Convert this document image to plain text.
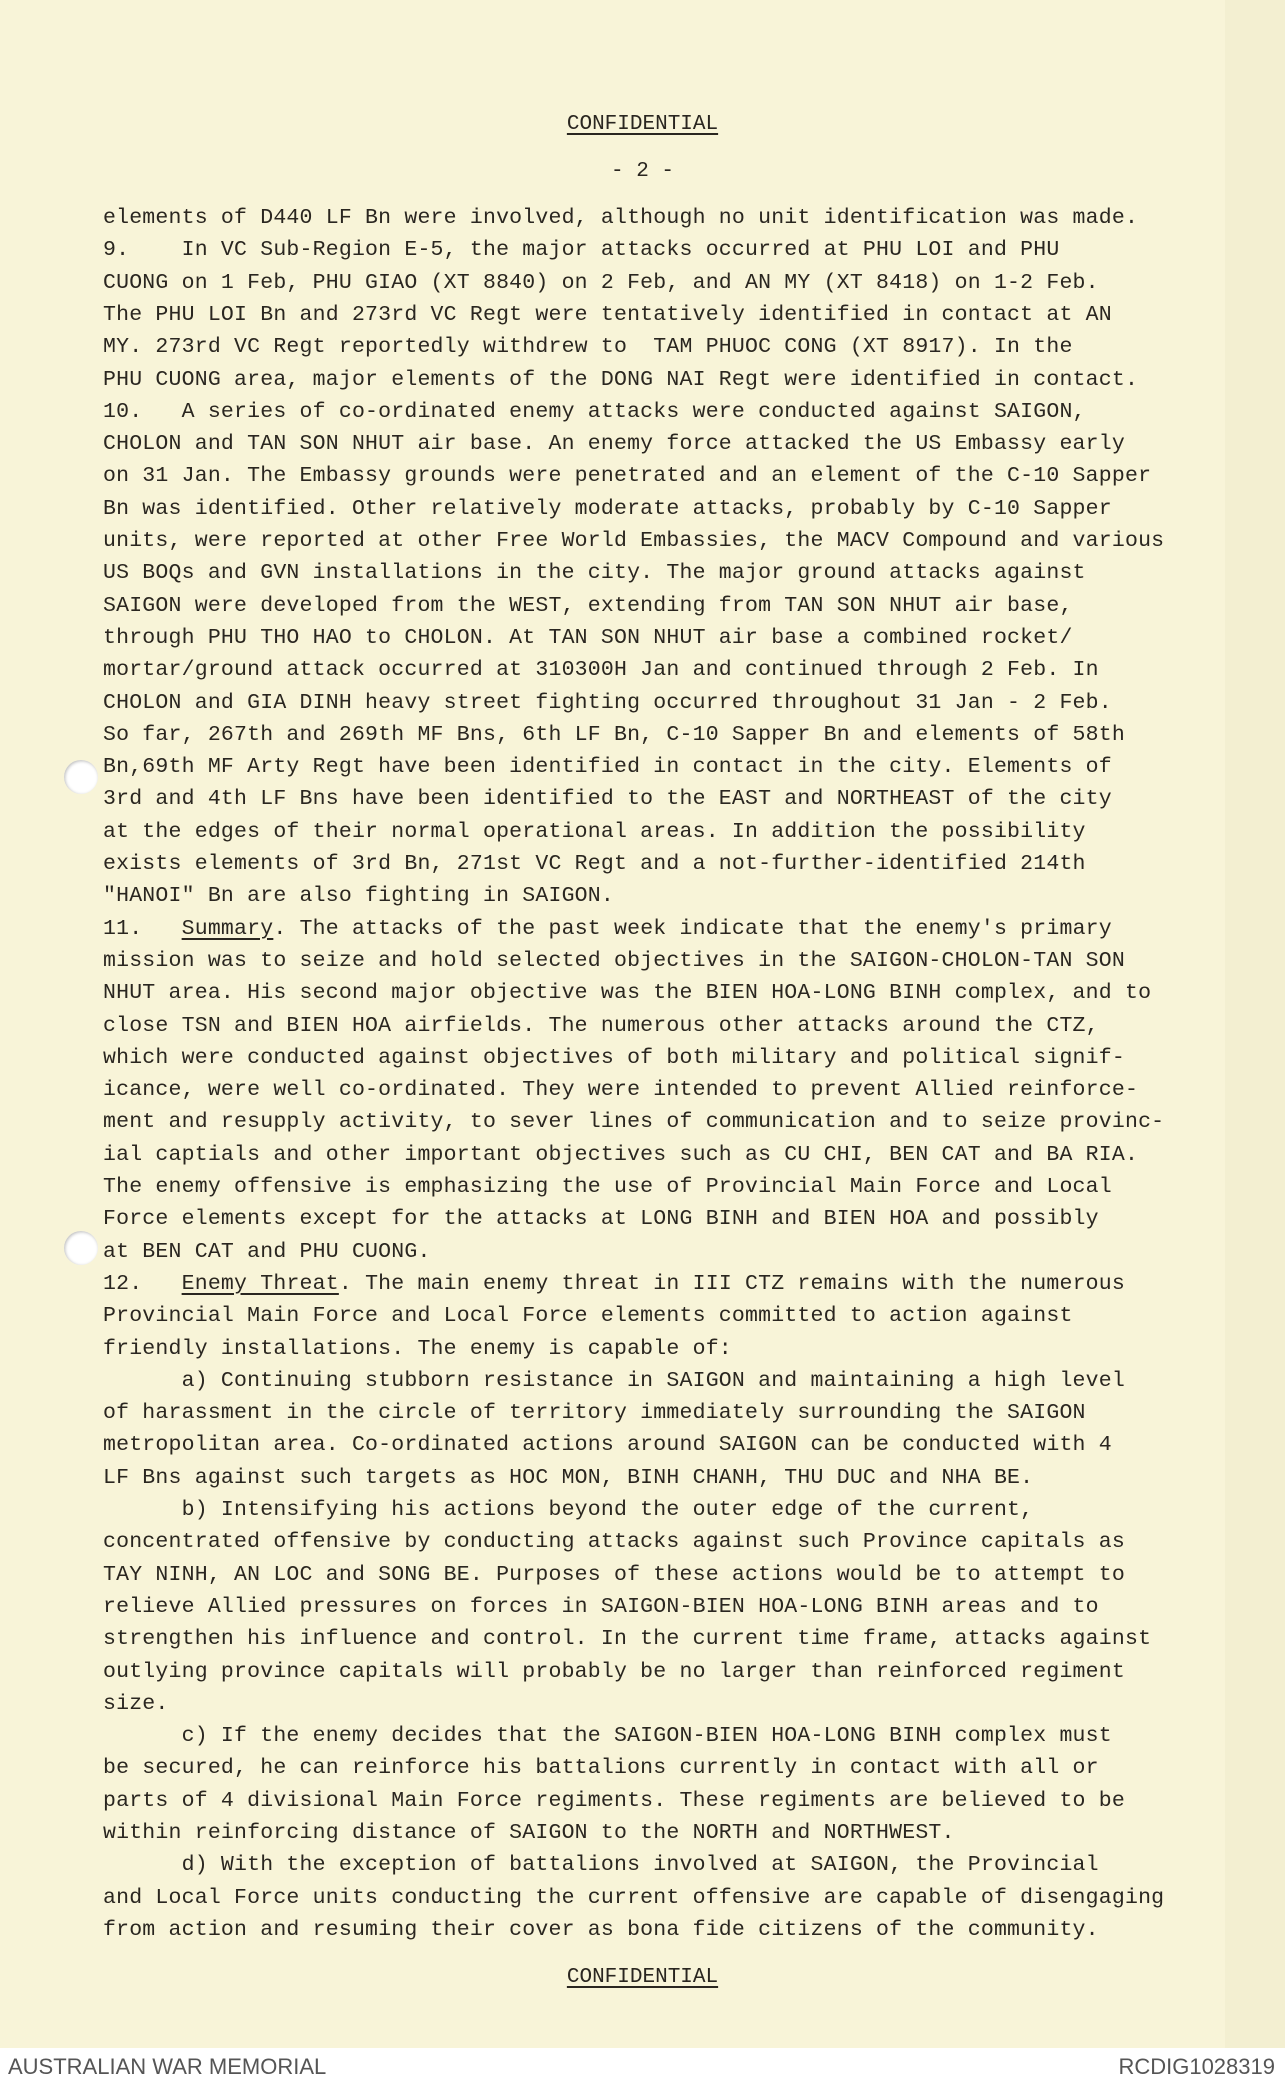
CONFIDENTIAL
- 2 -
elements of D440 LF Bn were involved, although no unit identification was made.
9.    In VC Sub-Region E-5, the major attacks occurred at PHU LOI and PHU
CUONG on 1 Feb, PHU GIAO (XT 8840) on 2 Feb, and AN MY (XT 8418) on 1-2 Feb.
The PHU LOI Bn and 273rd VC Regt were tentatively identified in contact at AN
MY. 273rd VC Regt reportedly withdrew to  TAM PHUOC CONG (XT 8917). In the
PHU CUONG area, major elements of the DONG NAI Regt were identified in contact.
10.   A series of co-ordinated enemy attacks were conducted against SAIGON,
CHOLON and TAN SON NHUT air base. An enemy force attacked the US Embassy early
on 31 Jan. The Embassy grounds were penetrated and an element of the C-10 Sapper
Bn was identified. Other relatively moderate attacks, probably by C-10 Sapper
units, were reported at other Free World Embassies, the MACV Compound and various
US BOQs and GVN installations in the city. The major ground attacks against
SAIGON were developed from the WEST, extending from TAN SON NHUT air base,
through PHU THO HAO to CHOLON. At TAN SON NHUT air base a combined rocket/
mortar/ground attack occurred at 310300H Jan and continued through 2 Feb. In
CHOLON and GIA DINH heavy street fighting occurred throughout 31 Jan - 2 Feb.
So far, 267th and 269th MF Bns, 6th LF Bn, C-10 Sapper Bn and elements of 58th
Bn,69th MF Arty Regt have been identified in contact in the city. Elements of
3rd and 4th LF Bns have been identified to the EAST and NORTHEAST of the city
at the edges of their normal operational areas. In addition the possibility
exists elements of 3rd Bn, 271st VC Regt and a not-further-identified 214th
"HANOI" Bn are also fighting in SAIGON.
11.   Summary. The attacks of the past week indicate that the enemy's primary
mission was to seize and hold selected objectives in the SAIGON-CHOLON-TAN SON
NHUT area. His second major objective was the BIEN HOA-LONG BINH complex, and to
close TSN and BIEN HOA airfields. The numerous other attacks around the CTZ,
which were conducted against objectives of both military and political signif-
icance, were well co-ordinated. They were intended to prevent Allied reinforce-
ment and resupply activity, to sever lines of communication and to seize provinc-
ial captials and other important objectives such as CU CHI, BEN CAT and BA RIA.
The enemy offensive is emphasizing the use of Provincial Main Force and Local
Force elements except for the attacks at LONG BINH and BIEN HOA and possibly
at BEN CAT and PHU CUONG.
12.   Enemy Threat. The main enemy threat in III CTZ remains with the numerous
Provincial Main Force and Local Force elements committed to action against
friendly installations. The enemy is capable of:
a) Continuing stubborn resistance in SAIGON and maintaining a high level
of harassment in the circle of territory immediately surrounding the SAIGON
metropolitan area. Co-ordinated actions around SAIGON can be conducted with 4
LF Bns against such targets as HOC MON, BINH CHANH, THU DUC and NHA BE.
b) Intensifying his actions beyond the outer edge of the current,
concentrated offensive by conducting attacks against such Province capitals as
TAY NINH, AN LOC and SONG BE. Purposes of these actions would be to attempt to
relieve Allied pressures on forces in SAIGON-BIEN HOA-LONG BINH areas and to
strengthen his influence and control. In the current time frame, attacks against
outlying province capitals will probably be no larger than reinforced regiment
size.
c) If the enemy decides that the SAIGON-BIEN HOA-LONG BINH complex must
be secured, he can reinforce his battalions currently in contact with all or
parts of 4 divisional Main Force regiments. These regiments are believed to be
within reinforcing distance of SAIGON to the NORTH and NORTHWEST.
d) With the exception of battalions involved at SAIGON, the Provincial
and Local Force units conducting the current offensive are capable of disengaging
from action and resuming their cover as bona fide citizens of the community.
CONFIDENTIAL
AUSTRALIAN WAR MEMORIAL	RCDIG1028319
